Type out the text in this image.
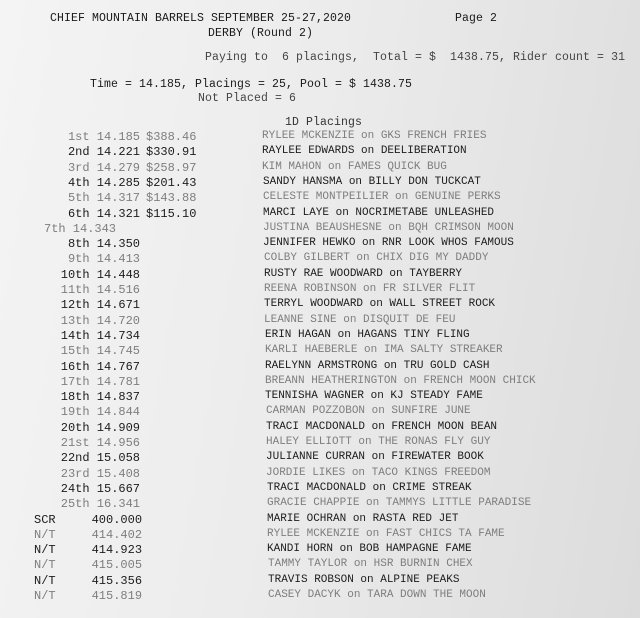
CHIEF MOUNTAIN BARRELS SEPTEMBER 25-27,2020	Page 2
DERBY (Round 2)
Paying to  6 placings,  Total = $  1438.75, Rider count = 31
Time = 14.185, Placings = 25, Pool = $ 1438.75
Not Placed = 6
1D Placings
1st 14.185 $388.46	RYLEE MCKENZIE on GKS FRENCH FRIES
2nd 14.221 $330.91	RAYLEE EDWARDS on DEELIBERATION
3rd 14.279 $258.97	KIM MAHON on FAMES QUICK BUG
4th 14.285 $201.43	SANDY HANSMA on BILLY DON TUCKCAT
5th 14.317 $143.88	CELESTE MONTPEILIER on GENUINE PERKS
6th 14.321 $115.10	MARCI LAYE on NOCRIMETABE UNLEASHED
7th 14.343	JUSTINA BEAUSHESNE on BQH CRIMSON MOON
8th 14.350	JENNIFER HEWKO on RNR LOOK WHOS FAMOUS
9th 14.413	COLBY GILBERT on CHIX DIG MY DADDY
10th 14.448	RUSTY RAE WOODWARD on TAYBERRY
11th 14.516	REENA ROBINSON on FR SILVER FLIT
12th 14.671	TERRYL WOODWARD on WALL STREET ROCK
13th 14.720	LEANNE SINE on DISQUIT DE FEU
14th 14.734	ERIN HAGAN on HAGANS TINY FLING
15th 14.745	KARLI HAEBERLE on IMA SALTY STREAKER
16th 14.767	RAELYNN ARMSTRONG on TRU GOLD CASH
17th 14.781	BREANN HEATHERINGTON on FRENCH MOON CHICK
18th 14.837	TENNISHA WAGNER on KJ STEADY FAME
19th 14.844	CARMAN POZZOBON on SUNFIRE JUNE
20th 14.909	TRACI MACDONALD on FRENCH MOON BEAN
21st 14.956	HALEY ELLIOTT on THE RONAS FLY GUY
22nd 15.058	JULIANNE CURRAN on FIREWATER BOOK
23rd 15.408	JORDIE LIKES on TACO KINGS FREEDOM
24th 15.667	TRACI MACDONALD on CRIME STREAK
25th 16.341	GRACIE CHAPPIE on TAMMYS LITTLE PARADISE
SCR     400.000	MARIE OCHRAN on RASTA RED JET
N/T     414.402	RYLEE MCKENZIE on FAST CHICS TA FAME
N/T     414.923	KANDI HORN on BOB HAMPAGNE FAME
N/T     415.005	TAMMY TAYLOR on HSR BURNIN CHEX
N/T     415.356	TRAVIS ROBSON on ALPINE PEAKS
N/T     415.819	CASEY DACYK on TARA DOWN THE MOON
